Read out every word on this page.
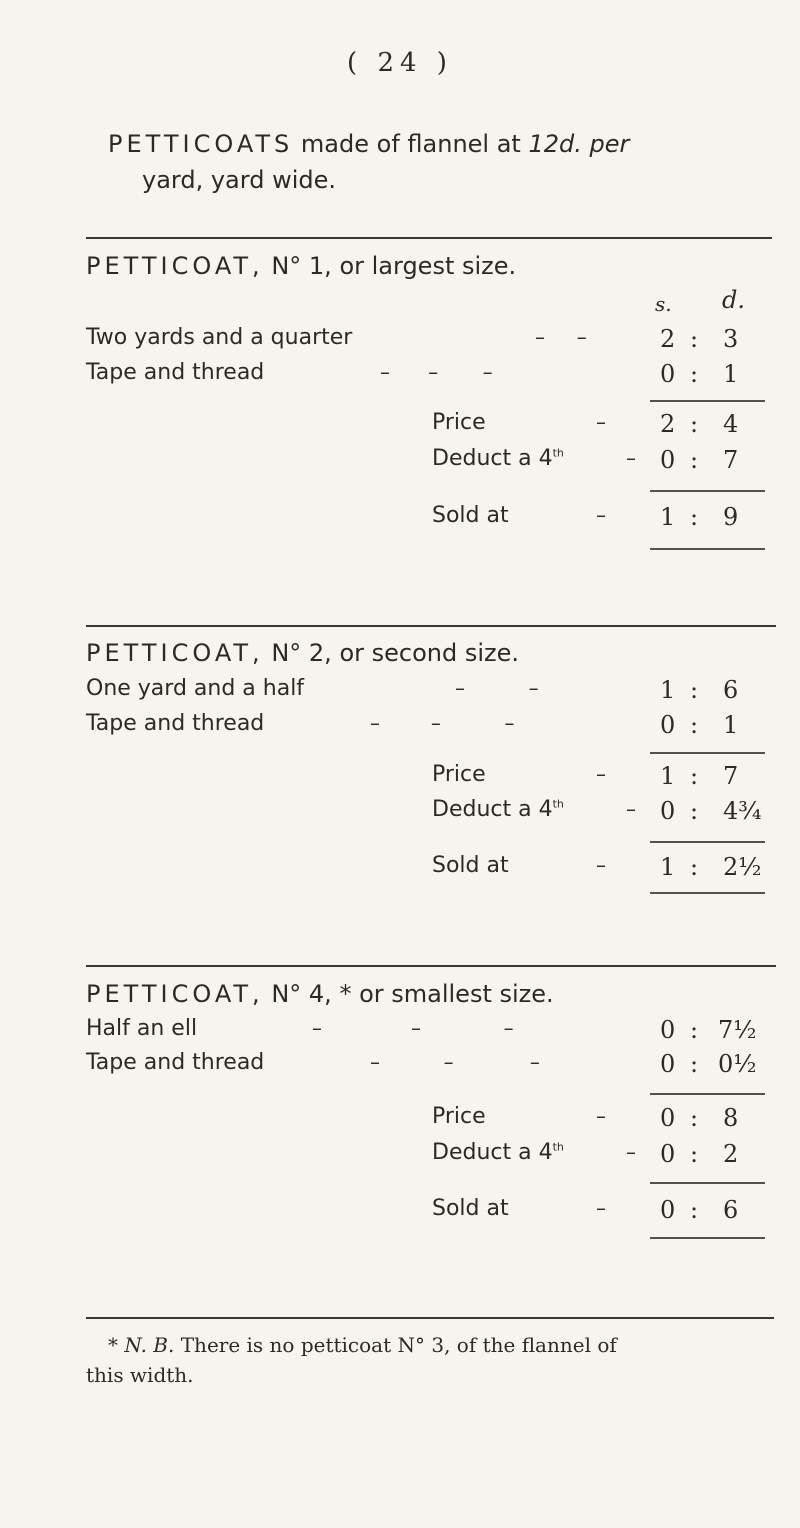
( 24 )
PETTICOATS made of flannel at 12d. per
yard, yard wide.
PETTICOAT, N° 1, or largest size.
s. d.
Two yards and a quarter	–     –	2 : 3
Tape and thread	–      –       –	0 : 1
Price	– 2 : 4
Deduct a 4th	– 0 : 7
Sold at	– 1 : 9
PETTICOAT, N° 2, or second size.
One yard and a half	–          –	1 : 6
Tape and thread	–        –          –	0 : 1
Price	– 1 : 7
Deduct a 4th	– 0 : 4¾
Sold at	– 1 : 2½
PETTICOAT, N° 4, * or smallest size.
Half an ell	–              –             –	0 : 7½
Tape and thread	–          –            –	0 : 0½
Price	– 0 : 8
Deduct a 4th	– 0 : 2
Sold at	– 0 : 6
* N. B. There is no petticoat N° 3, of the flannel of
this width.
